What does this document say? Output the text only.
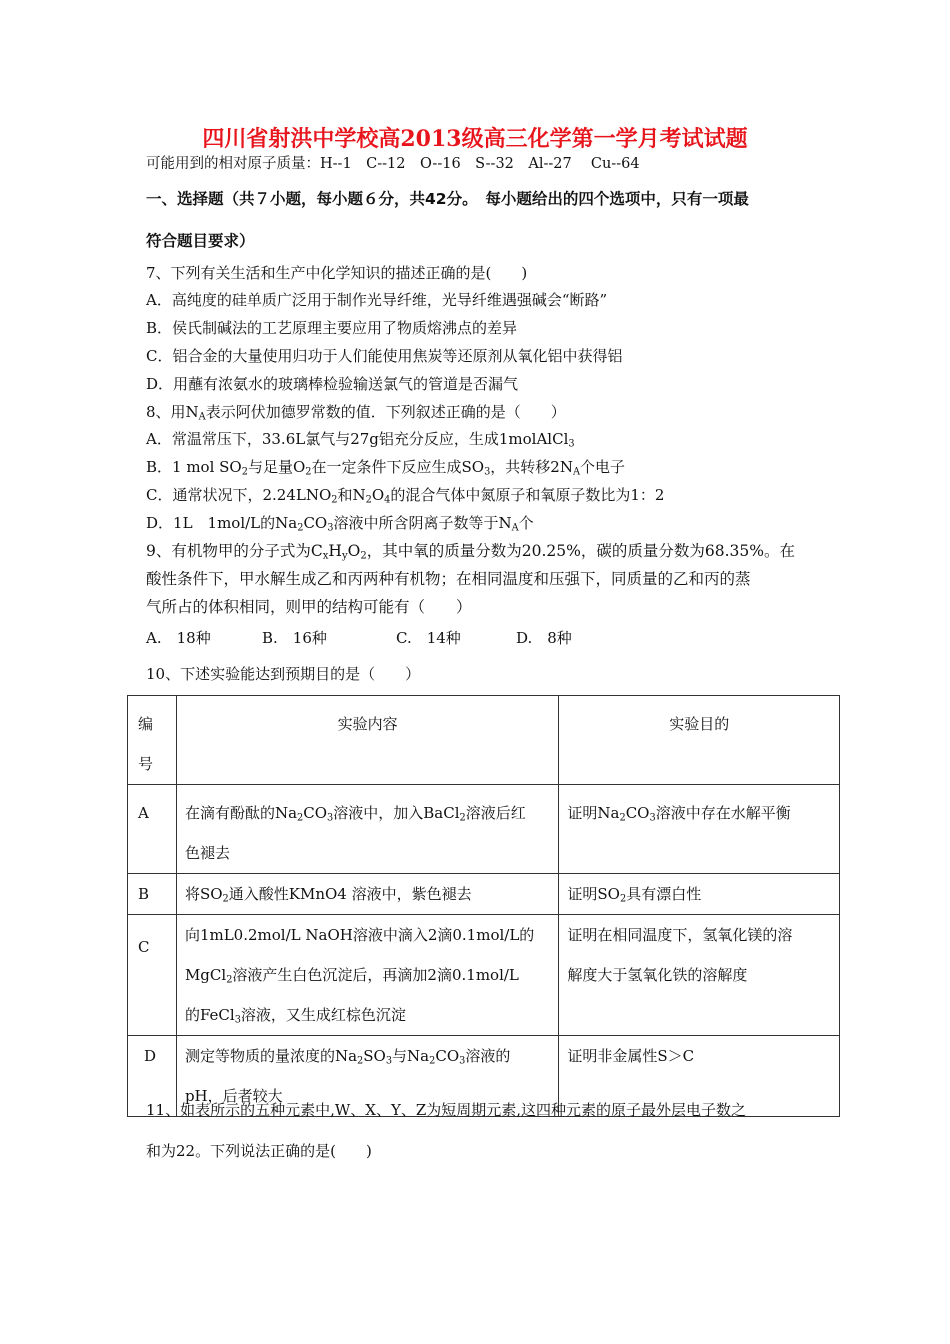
四川省射洪中学校高2013级高三化学第一学月考试试题
可能用到的相对原子质量：H--1　C--12　O--16　S--32　Al--27　 Cu--64
一、选择题（共７小题，每小题６分，共42分。　每小题给出的四个选项中，只有一项最
符合题目要求）
7、下列有关生活和生产中化学知识的描述正确的是(　　)
A．高纯度的硅单质广泛用于制作光导纤维，光导纤维遇强碱会“断路”
B．侯氏制碱法的工艺原理主要应用了物质熔沸点的差异
C．铝合金的大量使用归功于人们能使用焦炭等还原剂从氧化铝中获得铝
D．用蘸有浓氨水的玻璃棒检验输送氯气的管道是否漏气
8、用$N_A$表示阿伏加德罗常数的值．下列叙述正确的是（　　）
A．常温常压下，33.6L氯气与27g铝充分反应，生成1molAlCl$_3$
B．1 mol $SO_2$与足量$O_2$在一定条件下反应生成$SO_3$，共转移$2N_A$个电子
C．通常状况下，$2.24LNO_2$和$N_2O_4$的混合气体中氮原子和氧原子数比为1：2
D．1L　1mol/L的$Na_2CO_3$溶液中所含阴离子数等于$N_A$个
9、有机物甲的分子式为$C_xH_yO_2$，其中氧的质量分数为20.25%，碳的质量分数为68.35%。在
酸性条件下，甲水解生成乙和丙两种有机物；在相同温度和压强下，同质量的乙和丙的蒸
气所占的体积相同，则甲的结构可能有（　　）
A.　18种	B.　16种	C.　14种	D.　8种
10、下述实验能达到预期目的是（　　）
编
号	实验内容	实验目的

A	在滴有酚酞的$Na_2CO_3$溶液中，加入BaCl$_2$溶液后红
色褪去	证明$Na_2CO_3$溶液中存在水解平衡

B	将$SO_2$通入酸性KMnO4 溶液中，紫色褪去	证明$SO_2$具有漂白性

C	向1mL0.2mol/L NaOH溶液中滴入2滴0.1mol/L的
MgCl$_2$溶液产生白色沉淀后，再滴加2滴0.1mol/L
的FeCl$_3$溶液，又生成红棕色沉淀	证明在相同温度下，氢氧化镁的溶
解度大于氢氧化铁的溶解度

D	测定等物质的量浓度的$Na_2SO_3$与$Na_2CO_3$溶液的
pH，后者较大	证明非金属性S＞C
11、如表所示的五种元素中,W、X、Y、Z为短周期元素,这四种元素的原子最外层电子数之
和为22。下列说法正确的是(　　)
